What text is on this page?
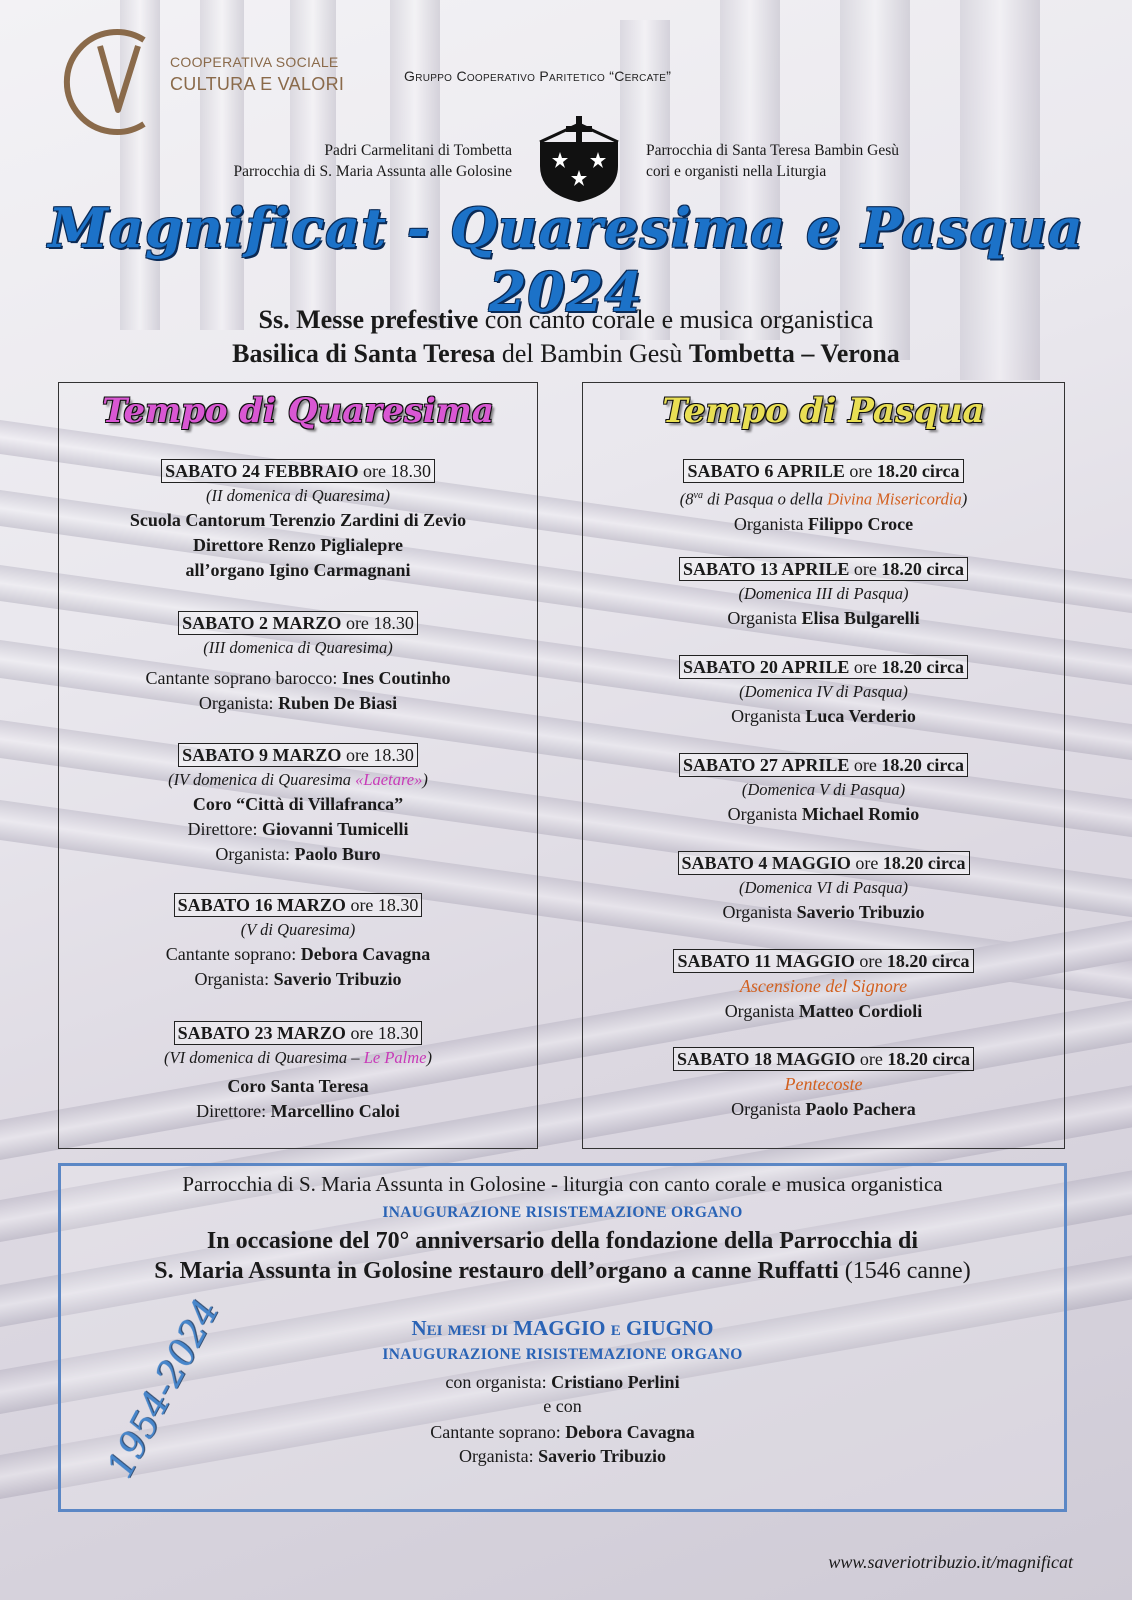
COOPERATIVA SOCIALE
CULTURA E VALORI	Gruppo Cooperativo Paritetico “Cercate”
Padri Carmelitani di Tombetta
Parrocchia di S. Maria Assunta alle Golosine
Parrocchia di Santa Teresa Bambin Gesù
cori e organisti nella Liturgia
Magnificat - Quaresima e Pasqua 2024
Ss. Messe prefestive con canto corale e musica organistica
Basilica di Santa Teresa del Bambin Gesù Tombetta – Verona
Tempo di Quaresima
SABATO 24 FEBBRAIO ore 18.30
(II domenica di Quaresima)
Scuola Cantorum Terenzio Zardini di Zevio
Direttore Renzo Piglialepre
all’organo Igino Carmagnani
SABATO 2 MARZO ore 18.30
(III domenica di Quaresima)
Cantante soprano barocco: Ines Coutinho
Organista: Ruben De Biasi
SABATO 9 MARZO ore 18.30
(IV domenica di Quaresima «Laetare»)
Coro “Città di Villafranca”
Direttore: Giovanni Tumicelli
Organista: Paolo Buro
SABATO 16 MARZO ore 18.30
(V di Quaresima)
Cantante soprano: Debora Cavagna
Organista: Saverio Tribuzio
SABATO 23 MARZO ore 18.30
(VI domenica di Quaresima – Le Palme)
Coro Santa Teresa
Direttore: Marcellino Caloi
Tempo di Pasqua
SABATO 6 APRILE ore 18.20 circa
($8^{va}$ di Pasqua o della Divina Misericordia)
Organista Filippo Croce
SABATO 13 APRILE ore 18.20 circa
(Domenica III di Pasqua)
Organista Elisa Bulgarelli
SABATO 20 APRILE ore 18.20 circa
(Domenica IV di Pasqua)
Organista Luca Verderio
SABATO 27 APRILE ore 18.20 circa
(Domenica V di Pasqua)
Organista Michael Romio
SABATO 4 MAGGIO ore 18.20 circa
(Domenica VI di Pasqua)
Organista Saverio Tribuzio
SABATO 11 MAGGIO ore 18.20 circa
Ascensione del Signore
Organista Matteo Cordioli
SABATO 18 MAGGIO ore 18.20 circa
Pentecoste
Organista Paolo Pachera
Parrocchia di S. Maria Assunta in Golosine - liturgia con canto corale e musica organistica
INAUGURAZIONE RISISTEMAZIONE ORGANO
In occasione del 70° anniversario della fondazione della Parrocchia di
S. Maria Assunta in Golosine restauro dell’organo a canne Ruffatti (1546 canne)
Nei mesi di MAGGIO e GIUGNO
INAUGURAZIONE RISISTEMAZIONE ORGANO
con organista: Cristiano Perlini
e con
Cantante soprano: Debora Cavagna
Organista: Saverio Tribuzio
1954-2024
www.saveriotribuzio.it/magnificat
